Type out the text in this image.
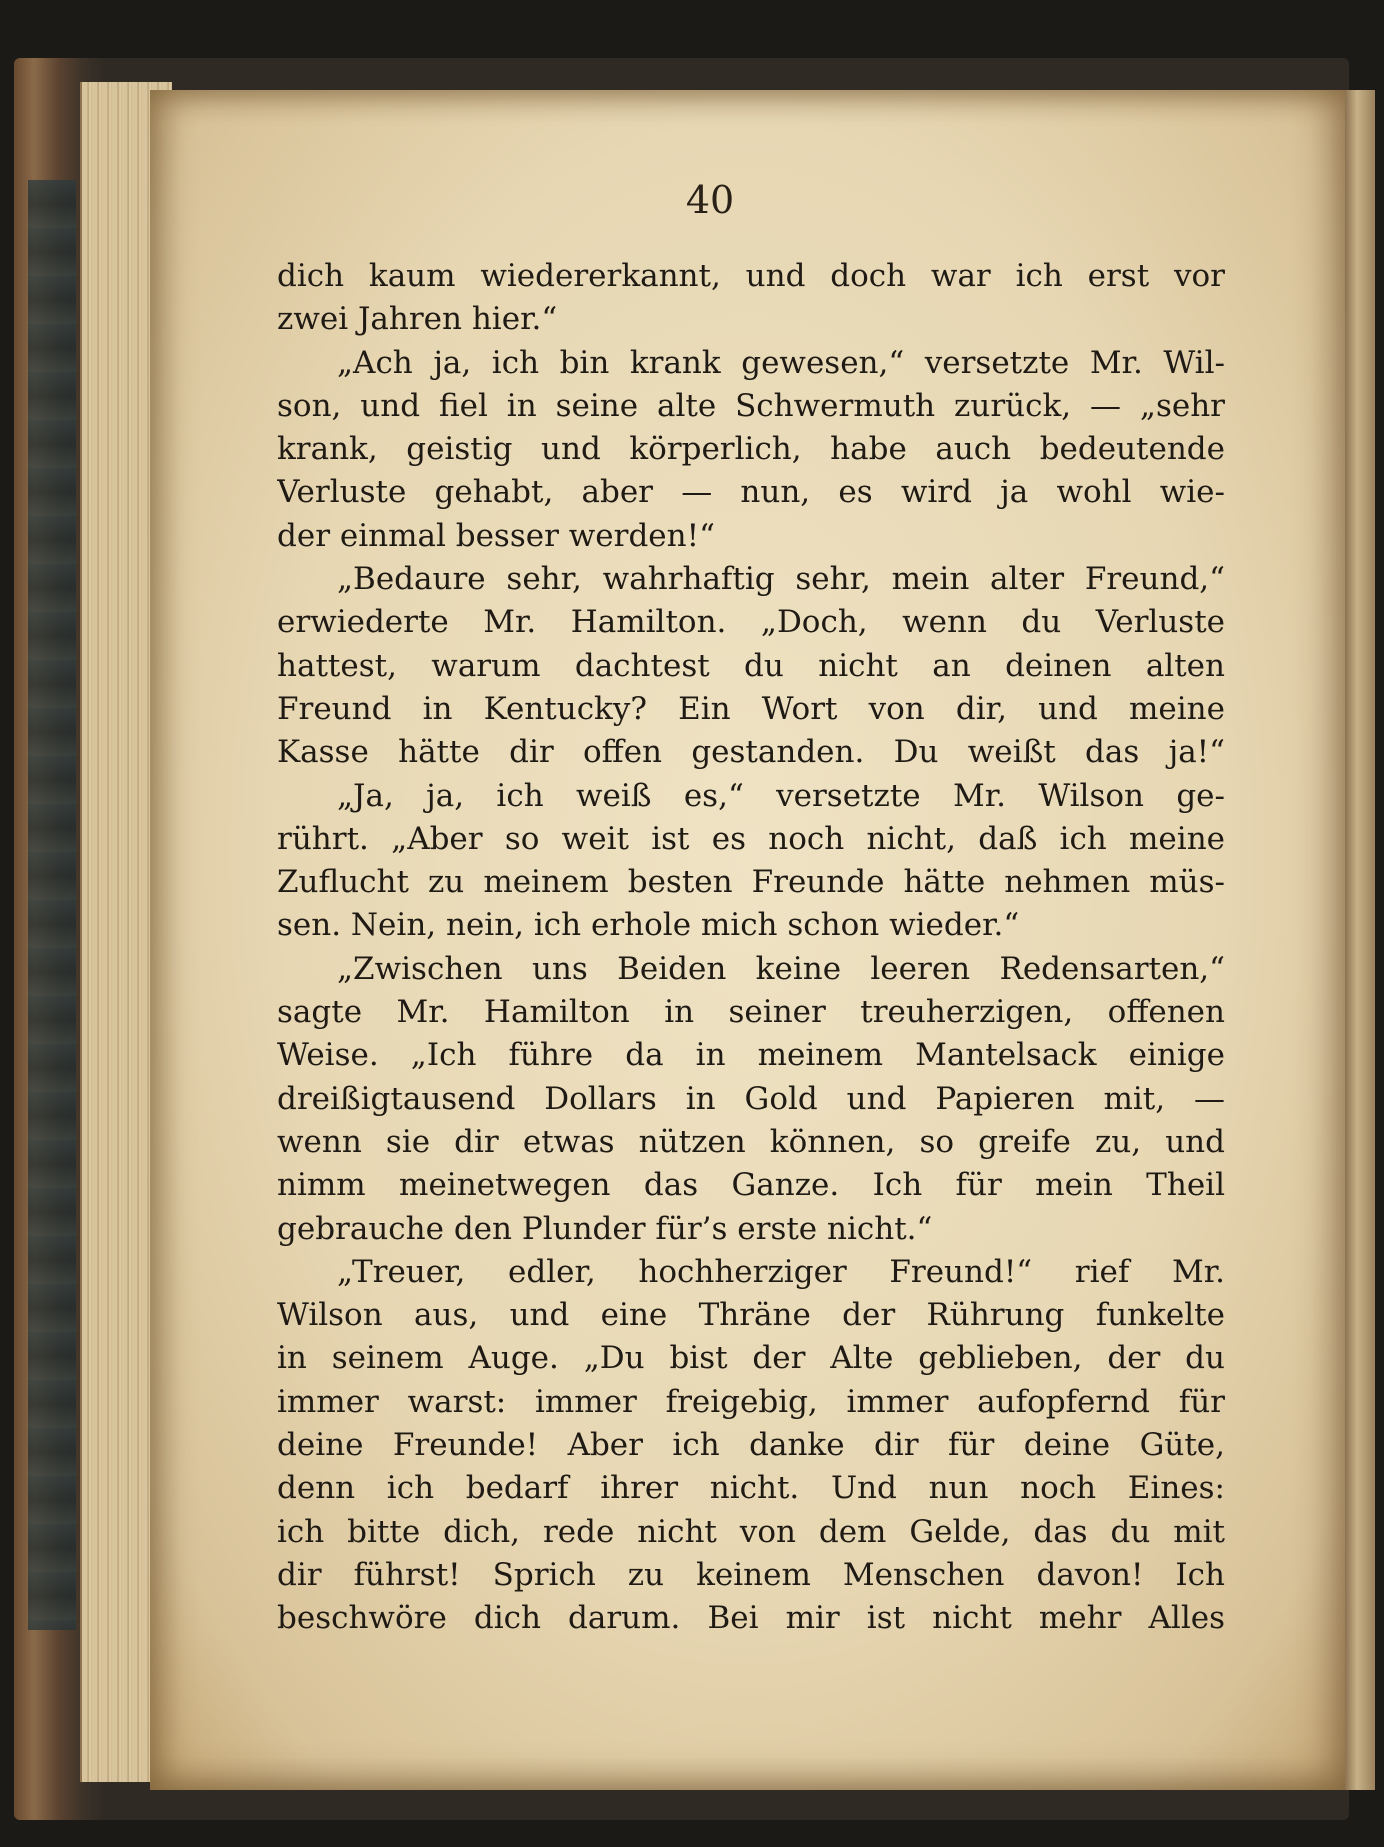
40
dich kaum wiedererkannt, und doch war ich erst vor
zwei Jahren hier.“
„Ach ja, ich bin krank gewesen,“ versetzte Mr. Wil-
son, und fiel in seine alte Schwermuth zurück, — „sehr
krank, geistig und körperlich, habe auch bedeutende
Verluste gehabt, aber — nun, es wird ja wohl wie-
der einmal besser werden!“
„Bedaure sehr, wahrhaftig sehr, mein alter Freund,“
erwiederte Mr. Hamilton. „Doch, wenn du Verluste
hattest, warum dachtest du nicht an deinen alten
Freund in Kentucky? Ein Wort von dir, und meine
Kasse hätte dir offen gestanden. Du weißt das ja!“
„Ja, ja, ich weiß es,“ versetzte Mr. Wilson ge-
rührt. „Aber so weit ist es noch nicht, daß ich meine
Zuflucht zu meinem besten Freunde hätte nehmen müs-
sen. Nein, nein, ich erhole mich schon wieder.“
„Zwischen uns Beiden keine leeren Redensarten,“
sagte Mr. Hamilton in seiner treuherzigen, offenen
Weise. „Ich führe da in meinem Mantelsack einige
dreißigtausend Dollars in Gold und Papieren mit, —
wenn sie dir etwas nützen können, so greife zu, und
nimm meinetwegen das Ganze. Ich für mein Theil
gebrauche den Plunder für’s erste nicht.“
„Treuer, edler, hochherziger Freund!“ rief Mr.
Wilson aus, und eine Thräne der Rührung funkelte
in seinem Auge. „Du bist der Alte geblieben, der du
immer warst: immer freigebig, immer aufopfernd für
deine Freunde! Aber ich danke dir für deine Güte,
denn ich bedarf ihrer nicht. Und nun noch Eines:
ich bitte dich, rede nicht von dem Gelde, das du mit
dir führst! Sprich zu keinem Menschen davon! Ich
beschwöre dich darum. Bei mir ist nicht mehr Alles
